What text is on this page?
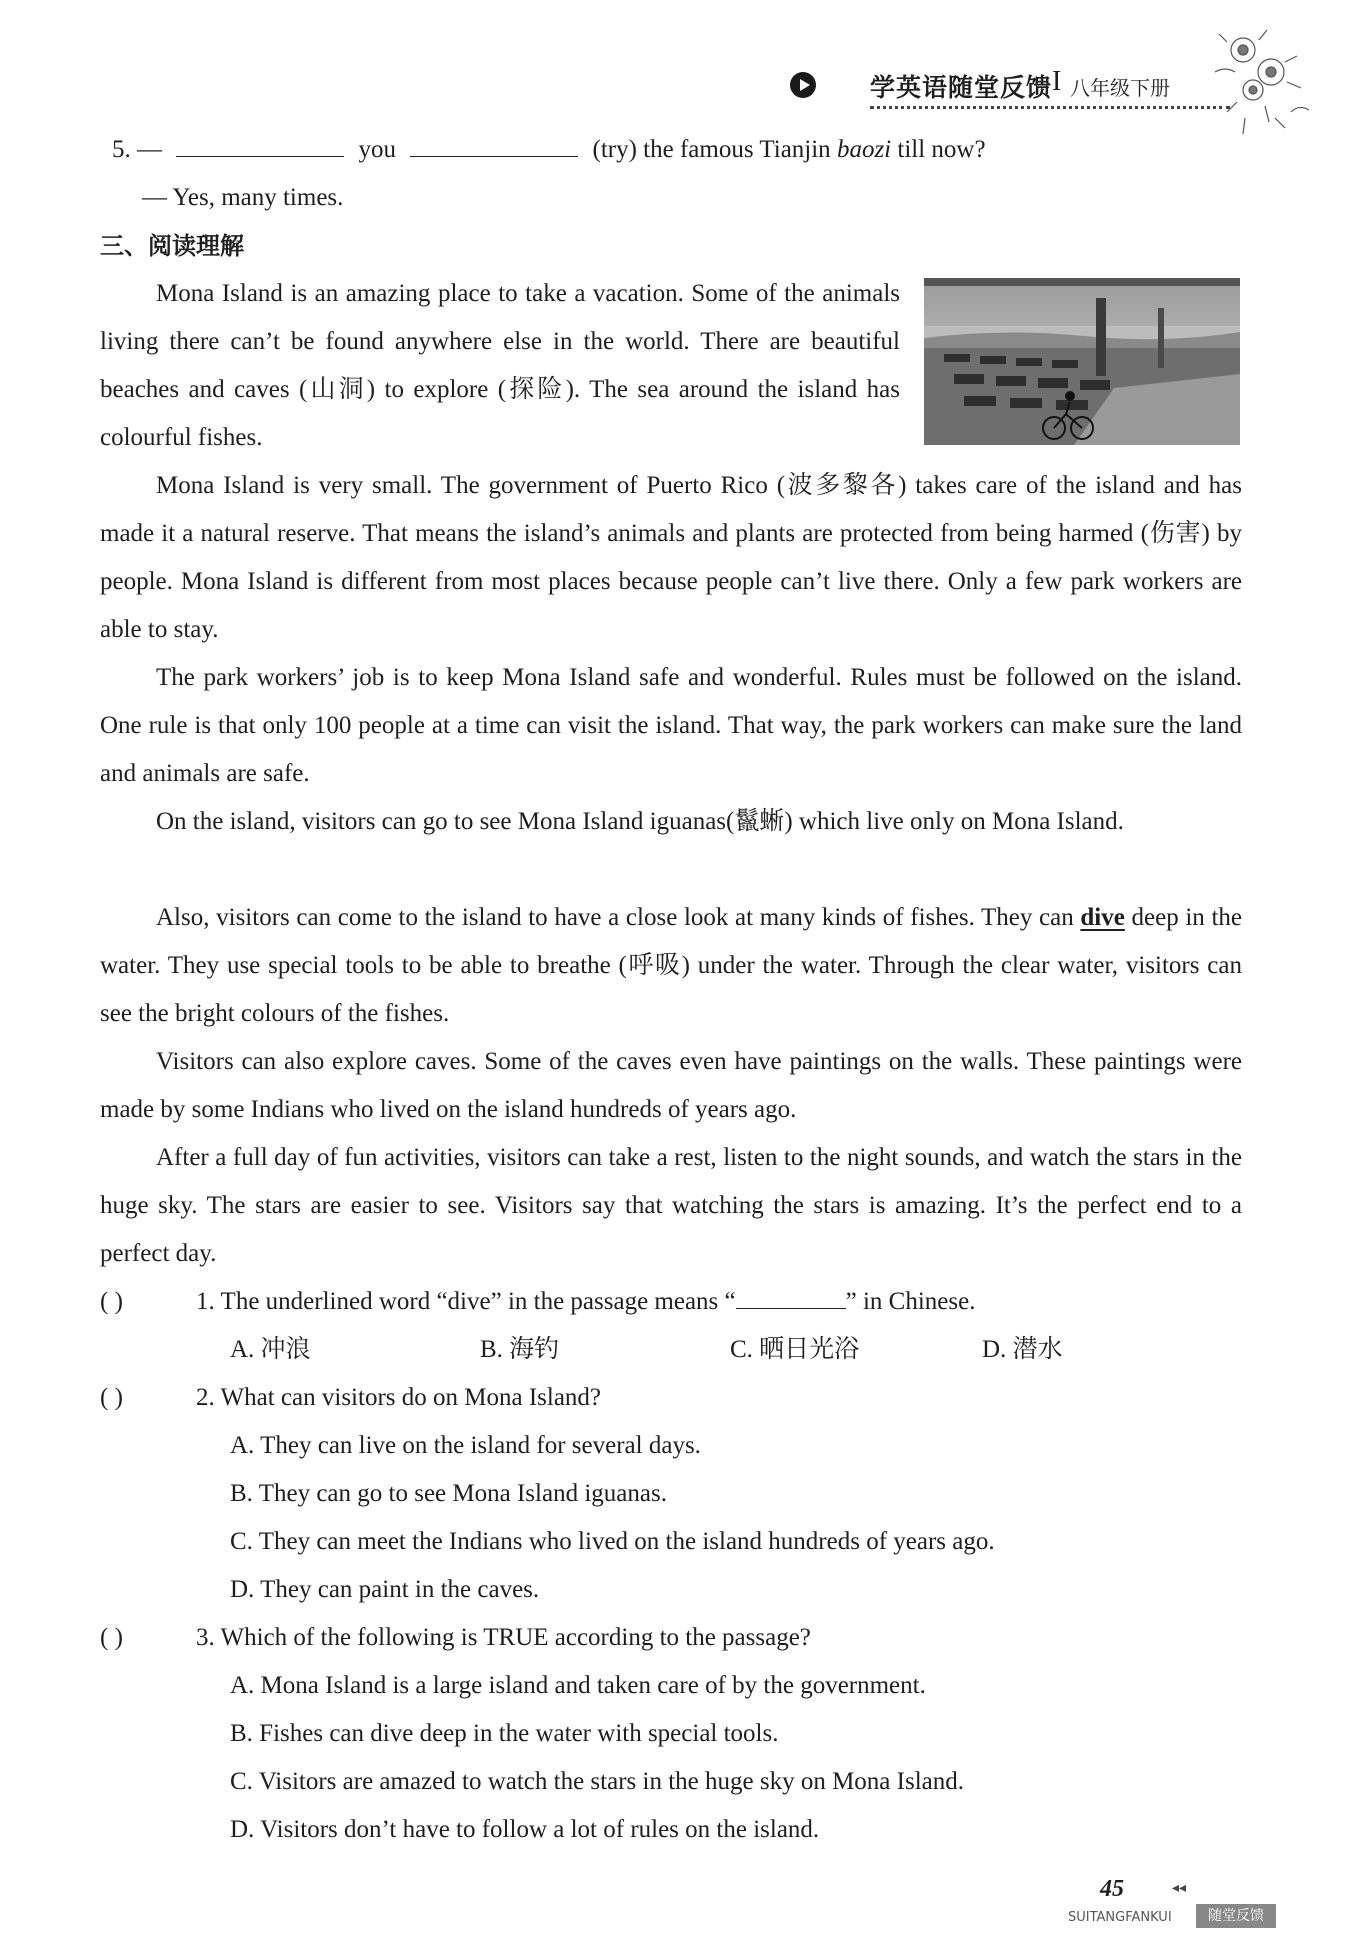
学英语随堂反馈 I 八年级下册
5. —	you	(try) the famous Tianjin baozi till now?
— Yes, many times.
三、阅读理解
Mona Island is an amazing place to take a vacation. Some of the animals living there can’t be found anywhere else in the world. There are beautiful beaches and caves (山洞) to explore (探险). The sea around the island has colourful fishes.
Mona Island is very small. The government of Puerto Rico (波多黎各) takes care of the island and has made it a natural reserve. That means the island’s animals and plants are protected from being harmed (伤害) by people. Mona Island is different from most places because people can’t live there. Only a few park workers are able to stay.
The park workers’ job is to keep Mona Island safe and wonderful. Rules must be followed on the island. One rule is that only 100 people at a time can visit the island. That way, the park workers can make sure the land and animals are safe.
On the island, visitors can go to see Mona Island iguanas(鬣蜥) which live only on Mona Island.
Also, visitors can come to the island to have a close look at many kinds of fishes. They can dive deep in the water. They use special tools to be able to breathe (呼吸) under the water. Through the clear water, visitors can see the bright colours of the fishes.
Visitors can also explore caves. Some of the caves even have paintings on the walls. These paintings were made by some Indians who lived on the island hundreds of years ago.
After a full day of fun activities, visitors can take a rest, listen to the night sounds, and watch the stars in the huge sky. The stars are easier to see. Visitors say that watching the stars is amazing. It’s the perfect end to a perfect day.
( )	1. The underlined word “dive” in the passage means “	” in Chinese.
A. 冲浪	B. 海钓	C. 晒日光浴	D. 潜水
( )	2. What can visitors do on Mona Island?
A. They can live on the island for several days.
B. They can go to see Mona Island iguanas.
C. They can meet the Indians who lived on the island hundreds of years ago.
D. They can paint in the caves.
( )	3. Which of the following is TRUE according to the passage?
A. Mona Island is a large island and taken care of by the government.
B. Fishes can dive deep in the water with special tools.
C. Visitors are amazed to watch the stars in the huge sky on Mona Island.
D. Visitors don’t have to follow a lot of rules on the island.
45	◂◂
SUITANGFANKUI	随堂反馈
